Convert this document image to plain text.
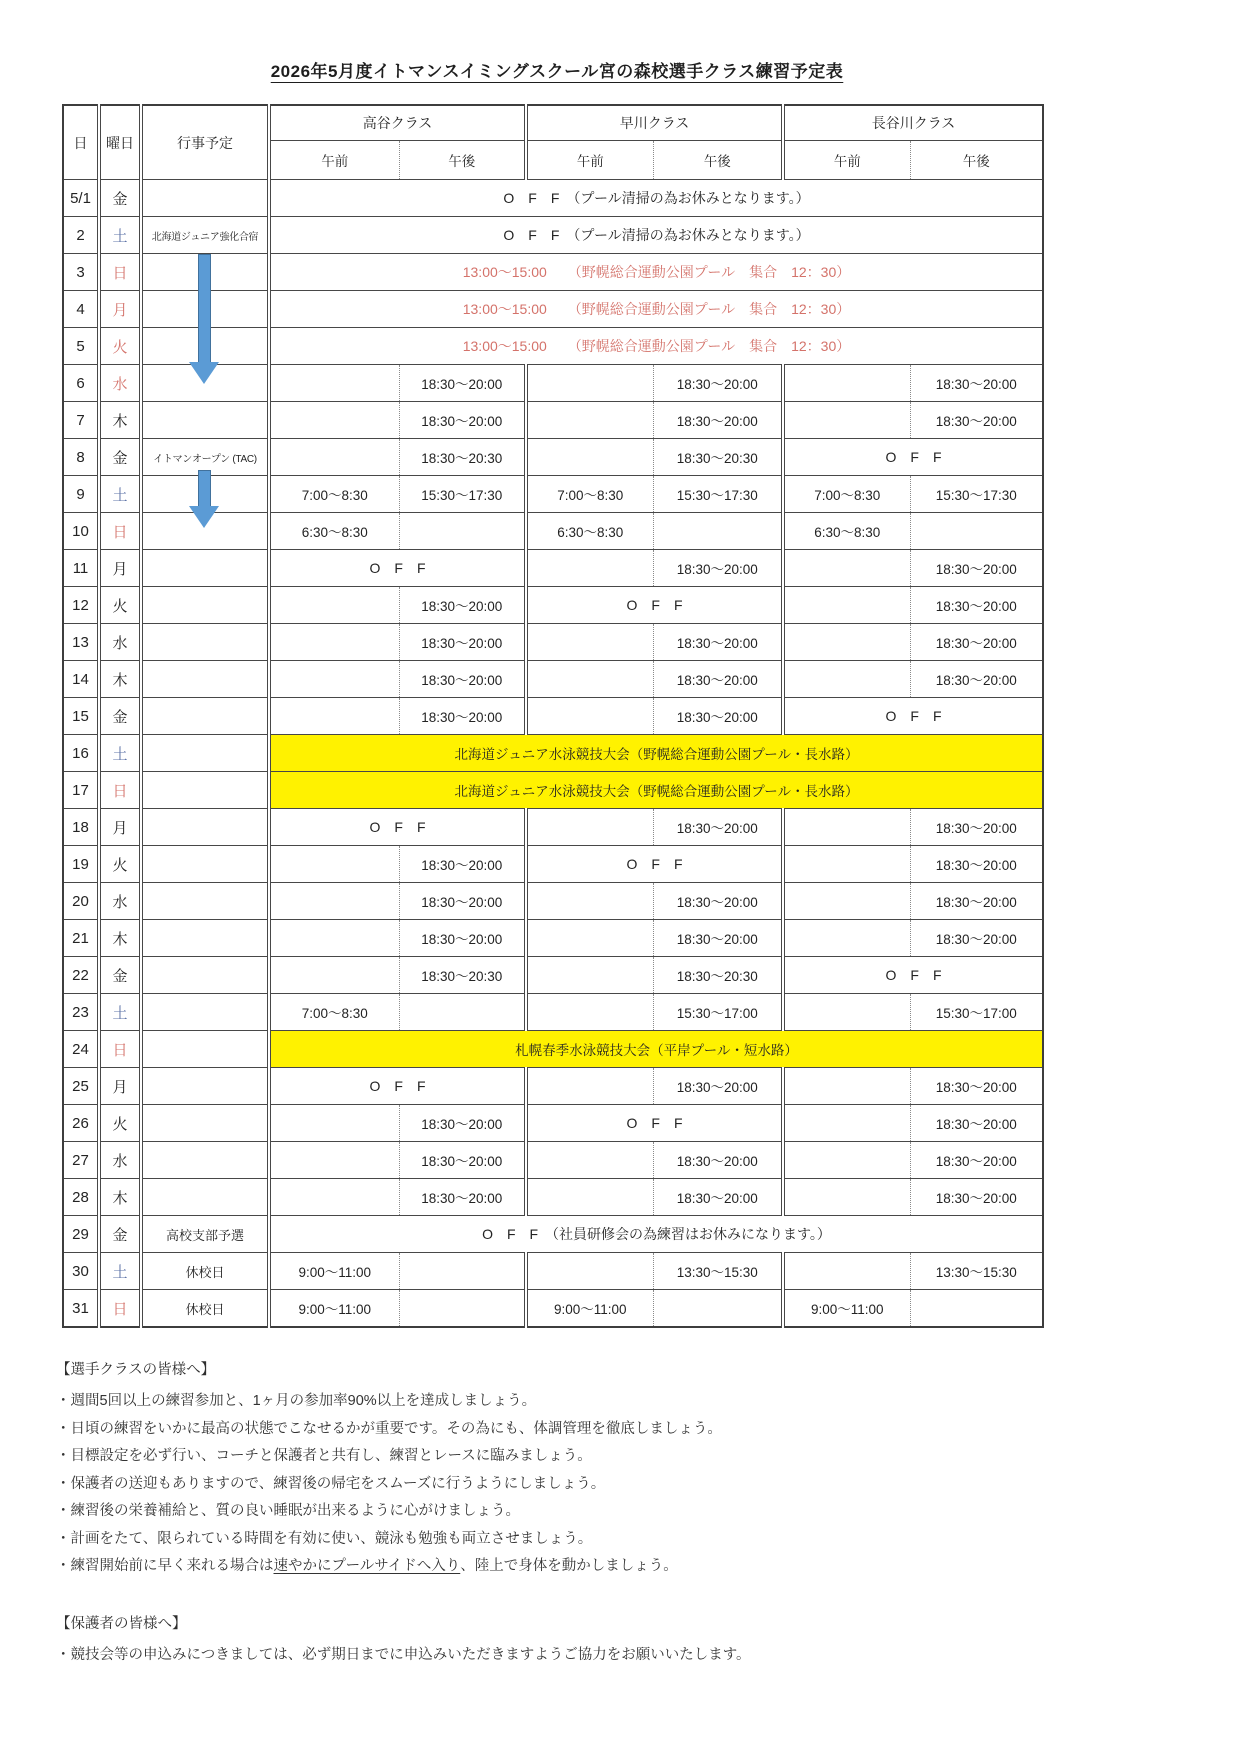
2026年5月度イトマンスイミングスクール宮の森校選手クラス練習予定表
日	曜日	行事予定	高谷クラス		早川クラス		長谷川クラス	
			午前	午後	午前	午後	午前	午後
5/1	金		O　F　F　（プール清掃の為お休みとなります。）					
2	土	北海道ジュニア強化合宿	O　F　F　（プール清掃の為お休みとなります。）					
3	日		13:00〜15:00　　（野幌総合運動公園プール　集合　12：30）					
4	月		13:00〜15:00　　（野幌総合運動公園プール　集合　12：30）					
5	火		13:00〜15:00　　（野幌総合運動公園プール　集合　12：30）					
6	水			18:30〜20:00		18:30〜20:00		18:30〜20:00
7	木			18:30〜20:00		18:30〜20:00		18:30〜20:00
8	金	イトマンオープン (TAC)		18:30〜20:30		18:30〜20:30	O　F　F	
9	土		7:00〜8:30	15:30〜17:30	7:00〜8:30	15:30〜17:30	7:00〜8:30	15:30〜17:30
10	日		6:30〜8:30		6:30〜8:30		6:30〜8:30	
11	月		O　F　F			18:30〜20:00		18:30〜20:00
12	火			18:30〜20:00	O　F　F			18:30〜20:00
13	水			18:30〜20:00		18:30〜20:00		18:30〜20:00
14	木			18:30〜20:00		18:30〜20:00		18:30〜20:00
15	金			18:30〜20:00		18:30〜20:00	O　F　F	
16	土		北海道ジュニア水泳競技大会（野幌総合運動公園プール・長水路）					
17	日		北海道ジュニア水泳競技大会（野幌総合運動公園プール・長水路）					
18	月		O　F　F			18:30〜20:00		18:30〜20:00
19	火			18:30〜20:00	O　F　F			18:30〜20:00
20	水			18:30〜20:00		18:30〜20:00		18:30〜20:00
21	木			18:30〜20:00		18:30〜20:00		18:30〜20:00
22	金			18:30〜20:30		18:30〜20:30	O　F　F	
23	土		7:00〜8:30			15:30〜17:00		15:30〜17:00
24	日		札幌春季水泳競技大会（平岸プール・短水路）					
25	月		O　F　F			18:30〜20:00		18:30〜20:00
26	火			18:30〜20:00	O　F　F			18:30〜20:00
27	水			18:30〜20:00		18:30〜20:00		18:30〜20:00
28	木			18:30〜20:00		18:30〜20:00		18:30〜20:00
29	金	高校支部予選	O　F　F　（社員研修会の為練習はお休みになります。）					
30	土	休校日	9:00〜11:00			13:30〜15:30		13:30〜15:30
31	日	休校日	9:00〜11:00		9:00〜11:00		9:00〜11:00	

【選手クラスの皆様へ】

・週間5回以上の練習参加と、1ヶ月の参加率90%以上を達成しましょう。

・日頃の練習をいかに最高の状態でこなせるかが重要です。その為にも、体調管理を徹底しましょう。

・目標設定を必ず行い、コーチと保護者と共有し、練習とレースに臨みましょう。

・保護者の送迎もありますので、練習後の帰宅をスムーズに行うようにしましょう。

・練習後の栄養補給と、質の良い睡眠が出来るように心がけましょう。

・計画をたて、限られている時間を有効に使い、競泳も勉強も両立させましょう。

・練習開始前に早く来れる場合は速やかにプールサイドへ入り、陸上で身体を動かしましょう。

【保護者の皆様へ】

・競技会等の申込みにつきましては、必ず期日までに申込みいただきますようご協力をお願いいたします。
